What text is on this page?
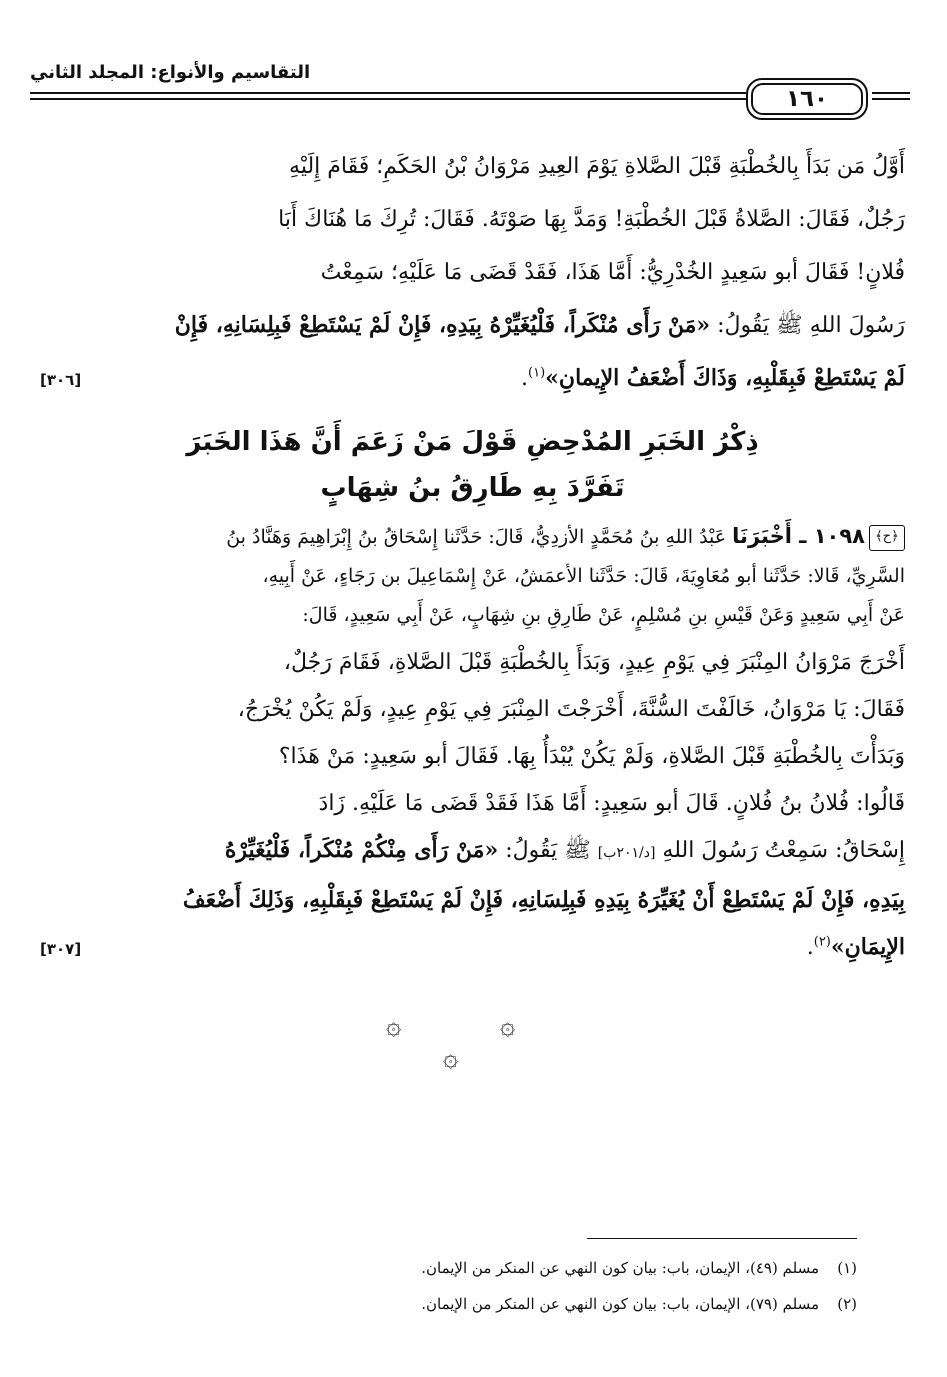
١٦٠
التقاسيم والأنواع: المجلد الثاني
أَوَّلُ مَن بَدَأَ بِالخُطْبَةِ قَبْلَ الصَّلاةِ يَوْمَ العِيدِ مَرْوَانُ بْنُ الحَكَمِ؛ فَقَامَ إِلَيْهِ
رَجُلٌ، فَقَالَ: الصَّلاةُ قَبْلَ الخُطْبَةِ! وَمَدَّ بِهَا صَوْتَهُ. فَقَالَ: تُرِكَ مَا هُنَاكَ أَبَا
فُلانٍ! فَقَالَ أبو سَعِيدٍ الخُدْرِيُّ: أَمَّا هَذَا، فَقَدْ قَضَى مَا عَلَيْهِ؛ سَمِعْتُ
رَسُولَ اللهِ ﷺ يَقُولُ: «مَنْ رَأَى مُنْكَراً، فَلْيُغَيِّرْهُ بِيَدِهِ، فَإِنْ لَمْ يَسْتَطِعْ فَبِلِسَانِهِ، فَإِنْ
[٣٠٦]	لَمْ يَسْتَطِعْ فَبِقَلْبِهِ، وَذَاكَ أَضْعَفُ الإِيمانِ»$^{(١)}$.
ذِكْرُ الخَبَرِ المُدْحِضِ قَوْلَ مَنْ زَعَمَ أَنَّ هَذَا الخَبَرَ
تَفَرَّدَ بِهِ طَارِقُ بنُ شِهَابٍ
﴿ح﴾١٠٩٨ ـ أَخْبَرَنَا عَبْدُ اللهِ بنُ مُحَمَّدٍ الأزدِيُّ، قَالَ: حَدَّثَنا إِسْحَاقُ بنُ إِبْرَاهِيمَ وَهَنَّادُ بنُ
السَّرِيِّ، قَالا: حَدَّثَنا أبو مُعَاوِيَةَ، قَالَ: حَدَّثَنا الأعمَشُ، عَنْ إِسْمَاعِيلَ بن رَجَاءٍ، عَنْ أَبِيهِ،
عَنْ أَبِي سَعِيدٍ وَعَنْ قَيْسِ بنِ مُسْلِمٍ، عَنْ طَارِقِ بنِ شِهَابٍ، عَنْ أَبِي سَعِيدٍ، قَالَ:
أَخْرَجَ مَرْوَانُ المِنْبَرَ فِي يَوْمِ عِيدٍ، وَبَدَأَ بِالخُطْبَةِ قَبْلَ الصَّلاةِ، فَقَامَ رَجُلٌ،
فَقَالَ: يَا مَرْوَانُ، خَالَفْتَ السُّنَّةَ، أَخْرَجْتَ المِنْبَرَ فِي يَوْمِ عِيدٍ، وَلَمْ يَكُنْ يُخْرَجُ،
وَبَدَأْتَ بِالخُطْبَةِ قَبْلَ الصَّلاةِ، وَلَمْ يَكُنْ يُبْدَأُ بِهَا. فَقَالَ أبو سَعِيدٍ: مَنْ هَذَا؟
قَالُوا: فُلانُ بنُ فُلانٍ. قَالَ أبو سَعِيدٍ: أَمَّا هَذَا فَقَدْ قَضَى مَا عَلَيْهِ. زَادَ
إِسْحَاقُ: سَمِعْتُ رَسُولَ اللهِ [د/٢٠١ب] ﷺ يَقُولُ: «مَنْ رَأَى مِنْكُمْ مُنْكَراً، فَلْيُغَيِّرْهُ
بِيَدِهِ، فَإِنْ لَمْ يَسْتَطِعْ أَنْ يُغَيِّرَهُ بِيَدِهِ فَبِلِسَانِهِ، فَإِنْ لَمْ يَسْتَطِعْ فَبِقَلْبِهِ، وَذَلِكَ أَضْعَفُ
[٣٠٧]	الإِيمَانِ»$^{(٢)}$.
۞	۞
۞
(١)مسلم (٤٩)، الإيمان، باب: بيان كون النهي عن المنكر من الإيمان.
(٢)مسلم (٧٩)، الإيمان، باب: بيان كون النهي عن المنكر من الإيمان.
